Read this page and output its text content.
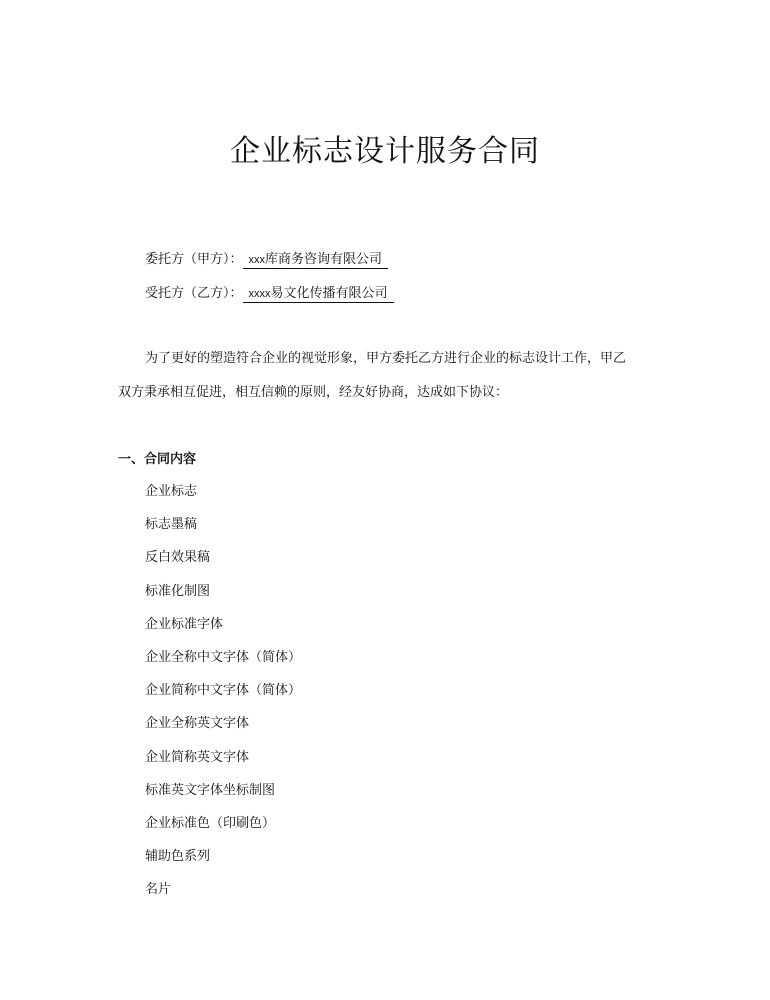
企业标志设计服务合同
委托方（甲方）： xxx库商务咨询有限公司
受托方（乙方）： xxxx易文化传播有限公司
为了更好的塑造符合企业的视觉形象，甲方委托乙方进行企业的标志设计工作，甲乙
双方秉承相互促进，相互信赖的原则，经友好协商，达成如下协议：
一、合同内容
企业标志
标志墨稿
反白效果稿
标准化制图
企业标准字体
企业全称中文字体（简体）
企业简称中文字体（简体）
企业全称英文字体
企业简称英文字体
标准英文字体坐标制图
企业标准色（印刷色）
辅助色系列
名片
